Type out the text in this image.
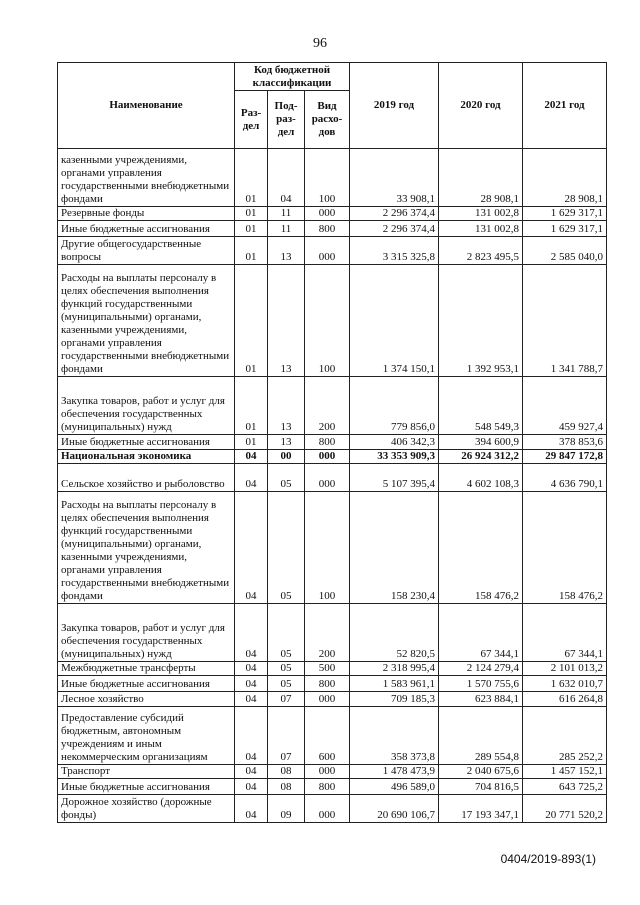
96
Наименование	Код бюджетной классификации			2019 год	2020 год	2021 год
	Раз-дел	Под-раз-дел	Вид расхо-дов			
казенными учреждениями, органами управления государственными внебюджетными фондами	01	04	100	33 908,1	28 908,1	28 908,1
Резервные фонды	01	11	000	2 296 374,4	131 002,8	1 629 317,1
Иные бюджетные ассигнования	01	11	800	2 296 374,4	131 002,8	1 629 317,1
Другие общегосударственные вопросы	01	13	000	3 315 325,8	2 823 495,5	2 585 040,0
Расходы на выплаты персоналу в целях обеспечения выполнения функций государственными (муниципальными) органами, казенными учреждениями, органами управления государственными внебюджетными фондами	01	13	100	1 374 150,1	1 392 953,1	1 341 788,7
Закупка товаров, работ и услуг для обеспечения государственных (муниципальных) нужд	01	13	200	779 856,0	548 549,3	459 927,4
Иные бюджетные ассигнования	01	13	800	406 342,3	394 600,9	378 853,6
Национальная экономика	04	00	000	33 353 909,3	26 924 312,2	29 847 172,8
Сельское хозяйство и рыболовство	04	05	000	5 107 395,4	4 602 108,3	4 636 790,1
Расходы на выплаты персоналу в целях обеспечения выполнения функций государственными (муниципальными) органами, казенными учреждениями, органами управления государственными внебюджетными фондами	04	05	100	158 230,4	158 476,2	158 476,2
Закупка товаров, работ и услуг для обеспечения государственных (муниципальных) нужд	04	05	200	52 820,5	67 344,1	67 344,1
Межбюджетные трансферты	04	05	500	2 318 995,4	2 124 279,4	2 101 013,2
Иные бюджетные ассигнования	04	05	800	1 583 961,1	1 570 755,6	1 632 010,7
Лесное хозяйство	04	07	000	709 185,3	623 884,1	616 264,8
Предоставление субсидий бюджетным, автономным учреждениям и иным некоммерческим организациям	04	07	600	358 373,8	289 554,8	285 252,2
Транспорт	04	08	000	1 478 473,9	2 040 675,6	1 457 152,1
Иные бюджетные ассигнования	04	08	800	496 589,0	704 816,5	643 725,2
Дорожное хозяйство (дорожные фонды)	04	09	000	20 690 106,7	17 193 347,1	20 771 520,2
0404/2019-893(1)
